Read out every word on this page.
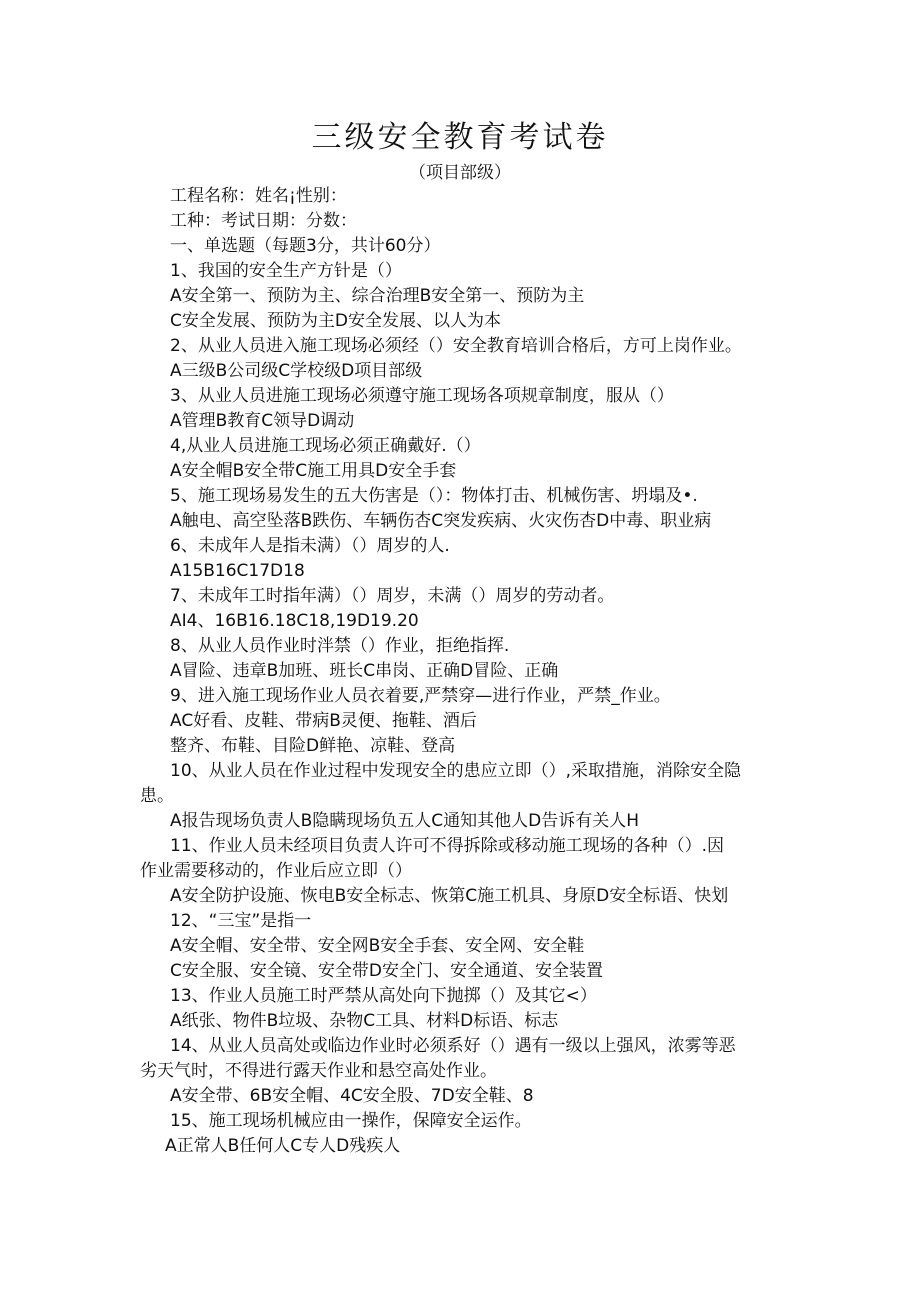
三级安全教育考试卷
（项目部级）
工程名称：姓名¡性别：
工种：考试日期：分数：
一、单选题（每题3分，共计60分）
1、我国的安全生产方针是（）
A安全第一、预防为主、综合治理B安全第一、预防为主
C安全发展、预防为主D安全发展、以人为本
2、从业人员进入施工现场必须经（）安全教育培训合格后，方可上岗作业。
A三级B公司级C学校级D项目部级
3、从业人员进施工现场必须遵守施工现场各项规章制度，服从（）
A管理B教育C领导D调动
4,从业人员进施工现场必须正确戴好.（）
A安全帽B安全带C施工用具D安全手套
5、施工现场易发生的五大伤害是（）：物体打击、机械伤害、坍塌及•.
A触电、高空坠落B跌伤、车辆伤杏C突发疾病、火灾伤杏D中毒、职业病
6、未成年人是指未满）（）周岁的人.
A15B16C17D18
7、未成年工时指年满）（）周岁，未满（）周岁的劳动者。
AI4、16B16.18C18,19D19.20
8、从业人员作业时泮禁（）作业，拒绝指挥.
A冒险、违章B加班、班长C串岗、正确D冒险、正确
9、进入施工现场作业人员衣着要,严禁穿—进行作业，严禁_作业。
AC好看、皮鞋、带病B灵便、拖鞋、酒后
整齐、布鞋、目险D鲜艳、凉鞋、登高
10、从业人员在作业过程中发现安全的患应立即（）,采取措施，消除安全隐
患。
A报告现场负责人B隐瞒现场负五人C通知其他人D告诉有关人H
11、作业人员未经项目负责人许可不得拆除或移动施工现场的各种（）.因
作业需要移动的，作业后应立即（）
A安全防护设施、恢电B安全标志、恢第C施工机具、身原D安全标语、快划
12、“三宝”是指一
A安全帽、安全带、安全网B安全手套、安全网、安全鞋
C安全服、安全镜、安全带D安全门、安全通道、安全装置
13、作业人员施工时严禁从高处向下抛掷（）及其它<）
A纸张、物件B垃圾、杂物C工具、材料D标语、标志
14、从业人员高处或临边作业时必须系好（）遇有一级以上强风，浓雾等恶
劣天气时，不得进行露天作业和悬空高处作业。
A安全带、6B安全帽、4C安全股、7D安全鞋、8
15、施工现场机械应由一操作，保障安全运作。
A正常人B任何人C专人D残疾人
